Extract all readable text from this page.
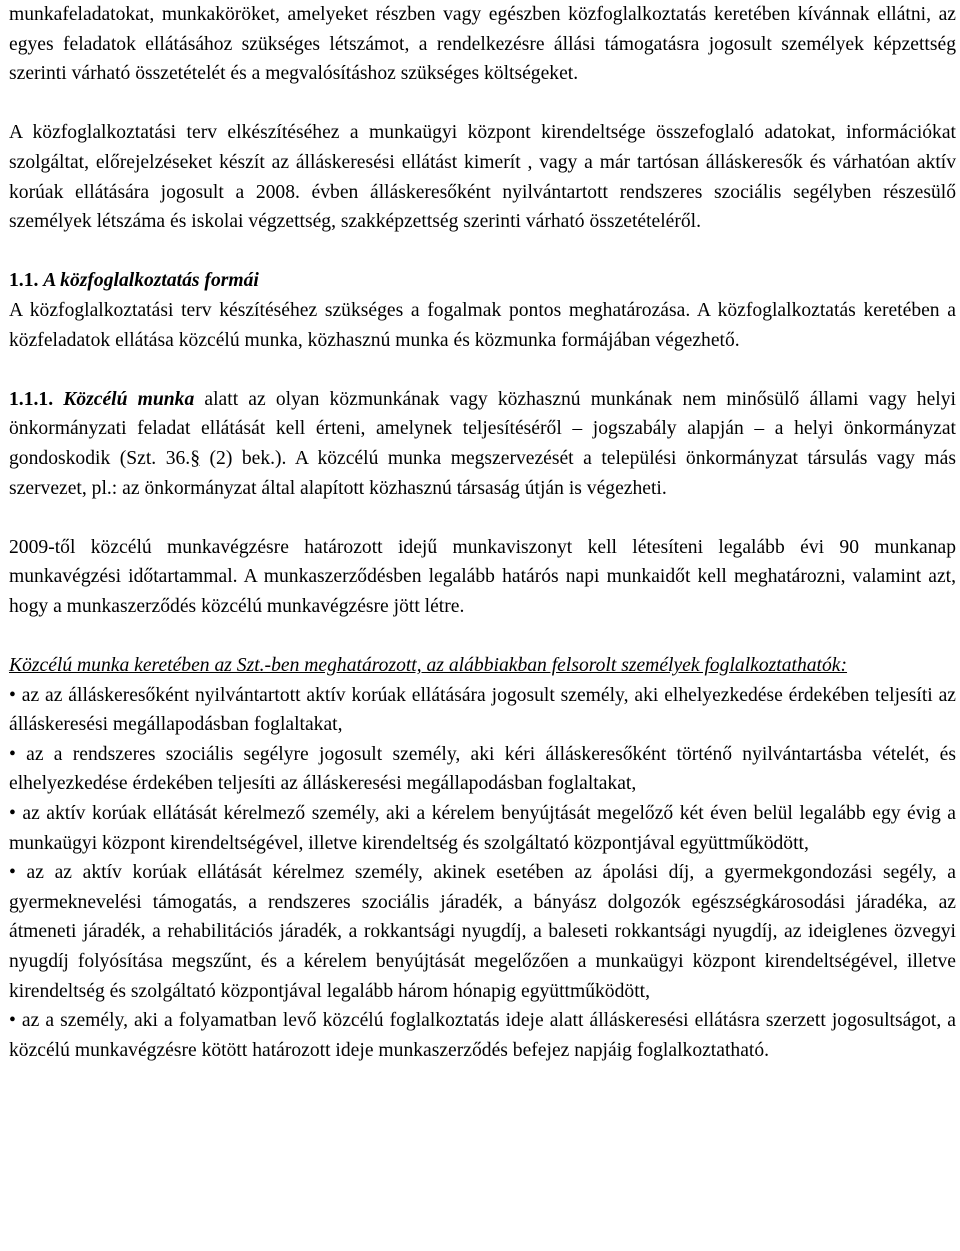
munkafeladatokat, munkaköröket, amelyeket részben vagy egészben közfoglalkoztatás keretében kívánnak ellátni, az egyes feladatok ellátásához szükséges létszámot, a rendelkezésre állási támogatásra jogosult személyek képzettség szerinti várható összetételét és a megvalósításhoz szükséges költségeket.

A közfoglalkoztatási terv elkészítéséhez a munkaügyi központ kirendeltsége összefoglaló adatokat, információkat szolgáltat, előrejelzéseket készít az álláskeresési ellátást kimerít , vagy a már tartósan álláskeresők és várhatóan aktív korúak ellátására jogosult a 2008. évben álláskeresőként nyilvántartott rendszeres szociális segélyben részesülő személyek létszáma és iskolai végzettség, szakképzettség szerinti várható összetételéről.

1.1. A közfoglalkoztatás formái

A közfoglalkoztatási terv készítéséhez szükséges a fogalmak pontos meghatározása. A közfoglalkoztatás keretében a közfeladatok ellátása közcélú munka, közhasznú munka és közmunka formájában végezhető.

1.1.1. Közcélú munka alatt az olyan közmunkának vagy közhasznú munkának nem minősülő állami vagy helyi önkormányzati feladat ellátását kell érteni, amelynek teljesítéséről – jogszabály alapján – a helyi önkormányzat gondoskodik (Szt. 36.§ (2) bek.). A közcélú munka megszervezését a települési önkormányzat társulás vagy más szervezet, pl.: az önkormányzat által alapított közhasznú társaság útján is végezheti.

2009-től közcélú munkavégzésre határozott idejű munkaviszonyt kell létesíteni legalább évi 90 munkanap munkavégzési időtartammal. A munkaszerződésben legalább határós napi munkaidőt kell meghatározni, valamint azt, hogy a munkaszerződés közcélú munkavégzésre jött létre.

Közcélú munka keretében az Szt.-ben meghatározott, az alábbiakban felsorolt személyek foglalkoztathatók:

• az az álláskeresőként nyilvántartott aktív korúak ellátására jogosult személy, aki elhelyezkedése érdekében teljesíti az álláskeresési megállapodásban foglaltakat,

• az a rendszeres szociális segélyre jogosult személy, aki kéri álláskeresőként történő nyilvántartásba vételét, és elhelyezkedése érdekében teljesíti az álláskeresési megállapodásban foglaltakat,

• az aktív korúak ellátását kérelmező személy, aki a kérelem benyújtását megelőző két éven belül legalább egy évig a munkaügyi központ kirendeltségével, illetve kirendeltség és szolgáltató központjával együttműködött,

• az az aktív korúak ellátását kérelmez személy, akinek esetében az ápolási díj, a gyermekgondozási segély, a gyermeknevelési támogatás, a rendszeres szociális járadék, a bányász dolgozók egészségkárosodási járadéka, az átmeneti járadék, a rehabilitációs járadék, a rokkantsági nyugdíj, a baleseti rokkantsági nyugdíj, az ideiglenes özvegyi nyugdíj folyósítása megszűnt, és a kérelem benyújtását megelőzően a munkaügyi központ kirendeltségével, illetve kirendeltség és szolgáltató központjával legalább három hónapig együttműködött,

• az a személy, aki a folyamatban levő közcélú foglalkoztatás ideje alatt álláskeresési ellátásra szerzett jogosultságot, a közcélú munkavégzésre kötött határozott ideje munkaszerződés befejez napjáig foglalkoztatható.
